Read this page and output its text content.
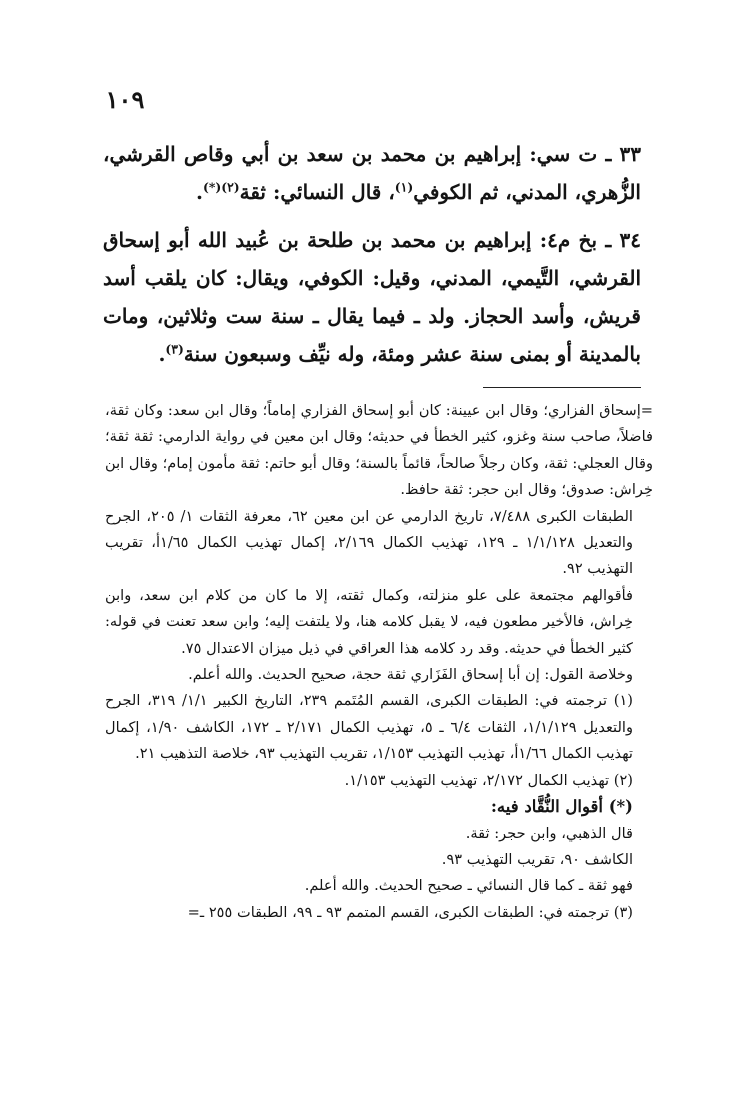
١٠٩

٣٣ ـ ت سي: إبراهيم بن محمد بن سعد بن أبي وقاص القرشي، الزُّهري، المدني، ثم الكوفي$^{(١)}$، قال النسائي: ثقة$^{(٢)(*)}$.

٣٤ ـ بخ م٤: إبراهيم بن محمد بن طلحة بن عُبيد الله أبو إسحاق القرشي، التَّيمي، المدني، وقيل: الكوفي، ويقال: كان يلقب أسد قريش، وأسد الحجاز. ولد ـ فيما يقال ـ سنة ست وثلاثين، ومات بالمدينة أو بمنى سنة عشر ومئة، وله نيِّف وسبعون سنة$^{(٣)}$.

=إسحاق الفزاري؛ وقال ابن عيينة: كان أبو إسحاق الفزاري إماماً؛ وقال ابن سعد: وكان ثقة، فاضلاً، صاحب سنة وغزو، كثير الخطأ في حديثه؛ وقال ابن معين في رواية الدارمي: ثقة ثقة؛ وقال العجلي: ثقة، وكان رجلاً صالحاً، قائماً بالسنة؛ وقال أبو حاتم: ثقة مأمون إمام؛ وقال ابن خِراش: صدوق؛ وقال ابن حجر: ثقة حافظ.

الطبقات الكبرى ٧/٤٨٨، تاريخ الدارمي عن ابن معين ٦٢، معرفة الثقات ١/ ٢٠٥، الجرح والتعديل ١/١/١٢٨ ـ ١٢٩، تهذيب الكمال ٢/١٦٩، إكمال تهذيب الكمال ١/٦٥أ، تقريب التهذيب ٩٢.

فأقوالهم مجتمعة على علو منزلته، وكمال ثقته، إلا ما كان من كلام ابن سعد، وابن خِراش، فالأخير مطعون فيه، لا يقبل كلامه هنا، ولا يلتفت إليه؛ وابن سعد تعنت في قوله: كثير الخطأ في حديثه. وقد رد كلامه هذا العراقي في ذيل ميزان الاعتدال ٧٥.

وخلاصة القول: إن أبا إسحاق الفَزَاري ثقة حجة، صحيح الحديث. والله أعلم.

(١) ترجمته في: الطبقات الكبرى، القسم المُتَمم ٢٣٩، التاريخ الكبير ١/١/ ٣١٩، الجرح والتعديل ١/١/١٢٩، الثقات ٦/٤ ـ ٥، تهذيب الكمال ٢/١٧١ ـ ١٧٢، الكاشف ١/٩٠، إكمال تهذيب الكمال ١/٦٦أ، تهذيب التهذيب ١/١٥٣، تقريب التهذيب ٩٣، خلاصة التذهيب ٢١.

(٢) تهذيب الكمال ٢/١٧٢، تهذيب التهذيب ١/١٥٣.

(*) أقوال النُّقَّاد فيه:

قال الذهبي، وابن حجر: ثقة.

الكاشف ٩٠، تقريب التهذيب ٩٣.

فهو ثقة ـ كما قال النسائي ـ صحيح الحديث. والله أعلم.

(٣) ترجمته في: الطبقات الكبرى، القسم المتمم ٩٣ ـ ٩٩، الطبقات ٢٥٥ ـ=
